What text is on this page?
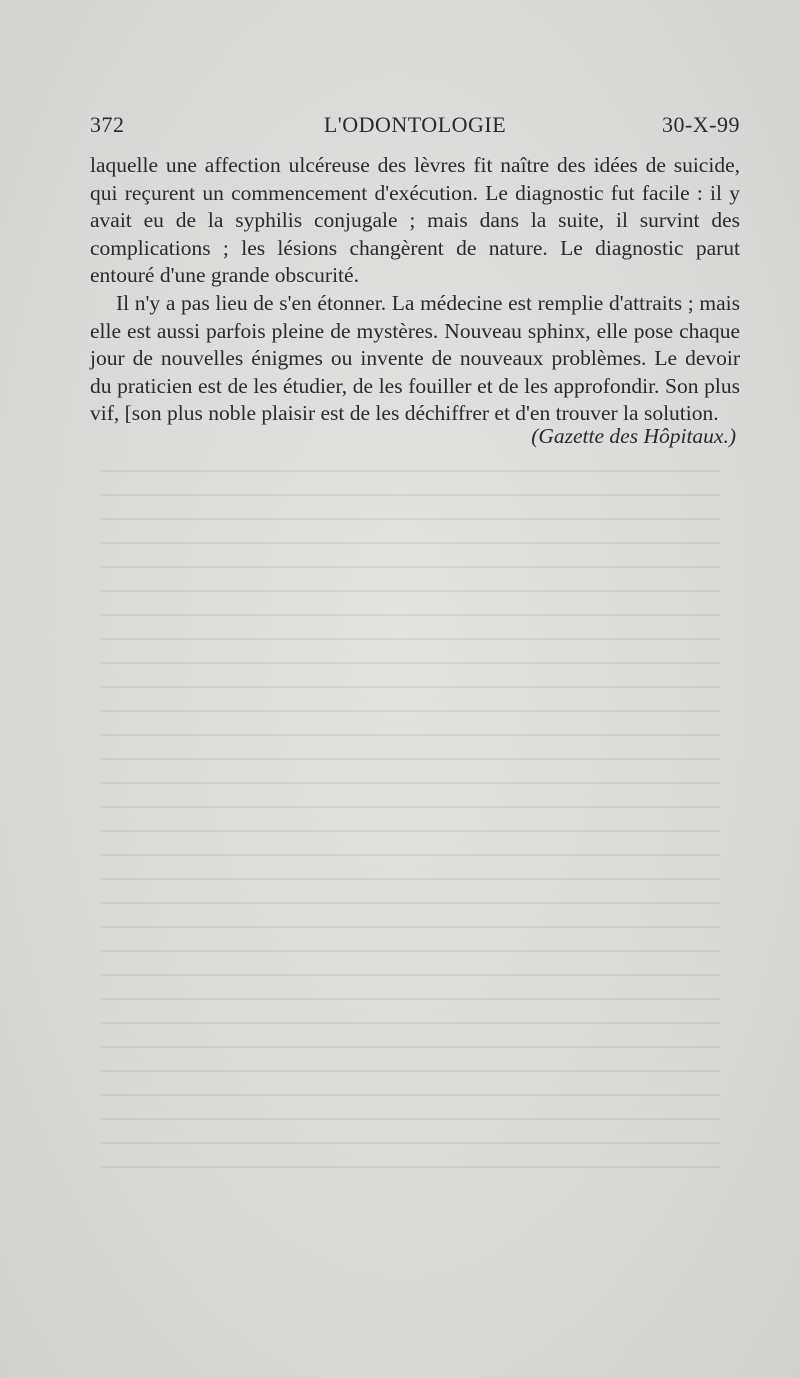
L'ODONTOLOGIE
372	30-X-99

laquelle une affection ulcéreuse des lèvres fit naître des idées de suicide, qui reçurent un commencement d'exécution. Le diagnostic fut facile : il y avait eu de la syphilis conjugale ; mais dans la suite, il survint des complications ; les lésions changèrent de nature. Le diagnostic parut entouré d'une grande obscurité.

Il n'y a pas lieu de s'en étonner. La médecine est remplie d'attraits ; mais elle est aussi parfois pleine de mystères. Nouveau sphinx, elle pose chaque jour de nouvelles énigmes ou invente de nouveaux problèmes. Le devoir du praticien est de les étudier, de les fouiller et de les approfondir. Son plus vif, [son plus noble plaisir est de les déchiffrer et d'en trouver la solution.

(Gazette des Hôpitaux.)
